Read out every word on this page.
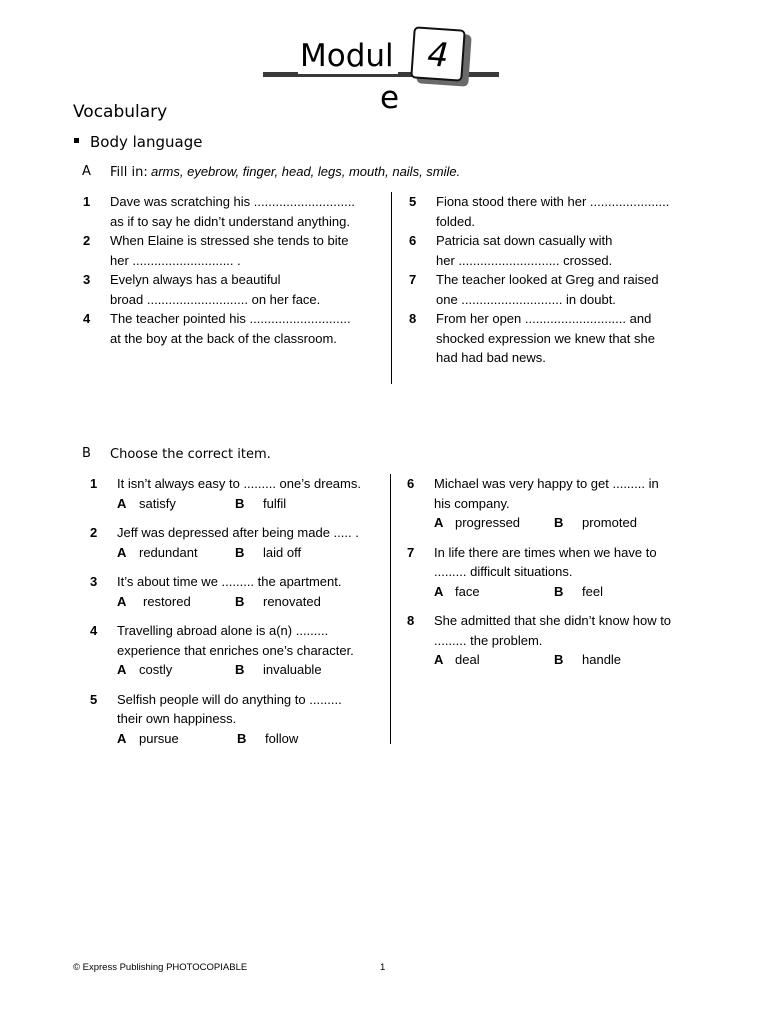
Modul
e
4
Vocabulary
Body language
A Fill in: arms, eyebrow, finger, head, legs, mouth, nails, smile.
1 Dave was scratching his ............................
as if to say he didn’t understand anything.
2 When Elaine is stressed she tends to bite
her ............................ .
3 Evelyn always has a beautiful
broad ............................ on her face.
4 The teacher pointed his ............................
at the boy at the back of the classroom.
5 Fiona stood there with her ......................
folded.
6 Patricia sat down casually with
her ............................ crossed.
7 The teacher looked at Greg and raised
one ............................ in doubt.
8 From her open ............................ and
shocked expression we knew that she
had had bad news.
B Choose the correct item.
1 It isn’t always easy to ......... one’s dreams.
A satisfy	B fulfil
2 Jeff was depressed after being made ..... .
A redundant	B laid off
3 It’s about time we ......... the apartment.
A restored	B renovated
4 Travelling abroad alone is a(n) .........
experience that enriches one’s character.
A costly	B invaluable
5 Selfish people will do anything to .........
their own happiness.
A pursue	B follow
6 Michael was very happy to get ......... in
his company.
A progressed	B promoted
7 In life there are times when we have to
......... difficult situations.
A face	B feel
8 She admitted that she didn’t know how to
......... the problem.
A deal	B handle
© Express Publishing PHOTOCOPIABLE	1
